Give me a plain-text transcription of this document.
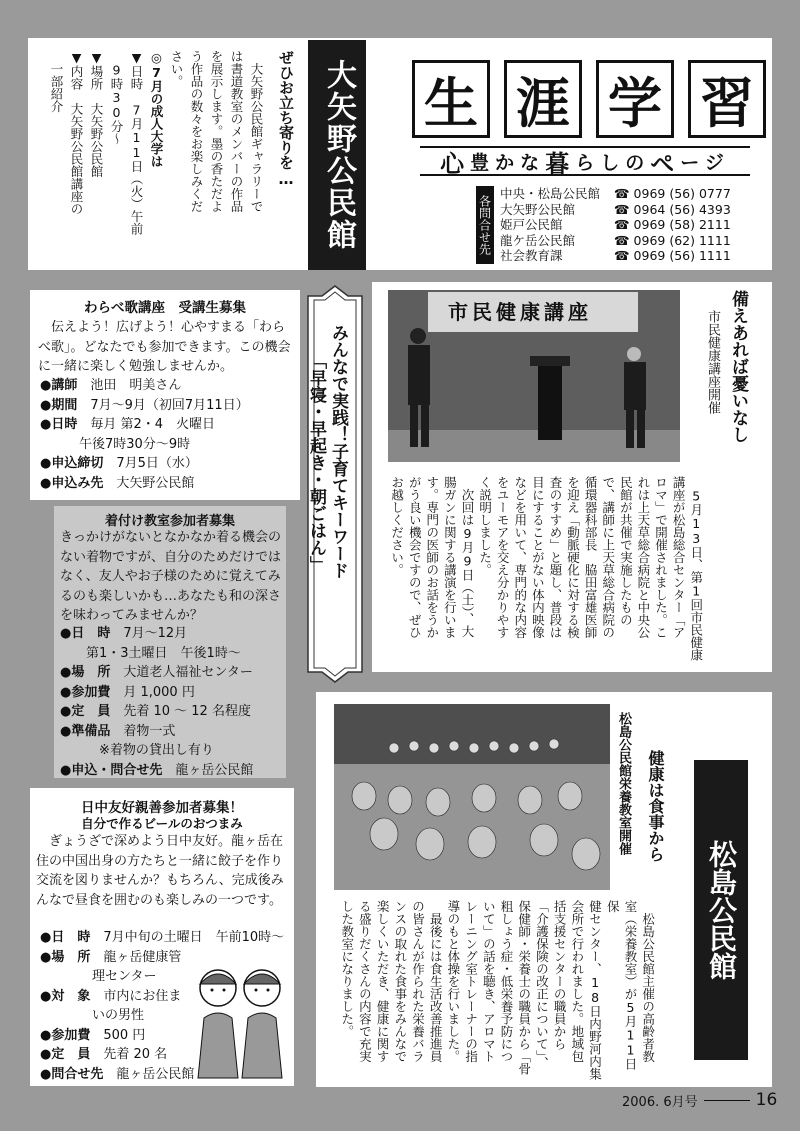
大矢野公民館
ぜひお立ち寄りを…
　大矢野公民館ギャラリーで
は書道教室のメンバーの作品
を展示します。墨の香ただよ
う作品の数々をお楽しみくだ
さい。
◎7月の成人大学は
▼日時　7月11日（火）午前
　9時30分～
▼場所　大矢野公民館
▼内容　大矢野公民館講座の
　一部紹介	生 涯 学 習
心 豊かな 暮 らしの ペ ージ
各問合せ先
中央・松島公民館	☎ 0969 (56) 0777
大矢野公民館	☎ 0964 (56) 4393
姫戸公民館	☎ 0969 (58) 2111
龍ケ岳公民館	☎ 0969 (62) 1111
社会教育課	☎ 0969 (56) 1111
市民健康講座	備えあれば憂いなし
市民健康講座開催
　5月13日、第1回市民健康
講座が松島総合センター「ア
ロマ」で開催されました。こ
れは上天草総合病院と中央公
民館が共催で実施したもの
で、講師に上天草総合病院の
循環器科部長　脇田富雄医師
を迎え「動脈硬化に対する検
査のすすめ」と題し、普段は
目にすることがない体内映像
などを用いて、専門的な内容
をユーモアを交え分かりやす
く説明しました。
　次回は9月9日（土）、大
腸ガンに関する講演を行いま
す。専門の医師のお話をうか
がう良い機会ですので、ぜひ
お越しください。
みんなで実践！子育てキーワード
「早寝・早起き・朝ごはん」
わらべ歌講座　受講生募集
　伝えよう！広げよう！心やすまる「わらべ歌」。どなたでも参加できます。この機会に一緒に楽しく勉強しませんか。
●講師　池田　明美さん
●期間　7月～9月（初回7月11日）
●日時　毎月 第2・4　火曜日
　　　午後7時30分～9時
●申込締切　7月5日（水）
●申込み先　大矢野公民館
着付け教室参加者募集
きっかけがないとなかなか着る機会のない着物ですが、自分のためだけではなく、友人やお子様のために覚えてみるのも楽しいかも…あなたも和の深さを味わってみませんか？
●日　時　7月～12月
　　第1・3土曜日　午後1時～
●場　所　大道老人福祉センター
●参加費　月 1,000 円
●定　員　先着 10 ～ 12 名程度
●準備品　着物一式
　　　※着物の貸出し有り
●申込・問合せ先　龍ヶ岳公民館
日中友好親善参加者募集！
自分で作るビールのおつまみ
　ぎょうざで深めよう日中友好。龍ヶ岳在住の中国出身の方たちと一緒に餃子を作り交流を図りませんか？もちろん、完成後みんなで昼食を囲むのも楽しみの一つです。
●日　時　7月中旬の土曜日　午前10時～
●場　所　龍ヶ岳健康管
　　　　理センター
●対　象　市内にお住ま
　　　　いの男性
●参加費　500 円
●定　員　先着 20 名
●問合せ先　龍ヶ岳公民館
松島公民館
健康は食事から
松島公民館栄養教室開催
　松島公民館主催の高齢者教
室（栄養教室）が5月11日保
健センター、18日内野河内集
会所で行われました。地域包
括支援センターの職員から
「介護保険の改正について」、
保健師・栄養士の職員から「骨
粗しょう症・低栄養予防につ
いて」の話を聴き、アロマト
レーニング室トレーナーの指
導のもと体操を行いました。
　最後には食生活改善推進員
の皆さんが作られた栄養バラ
ンスの取れた食事をみんなで
楽しくいただき、健康に関す
る盛りだくさんの内容で充実
した教室になりました。
2006. 6月号	16
